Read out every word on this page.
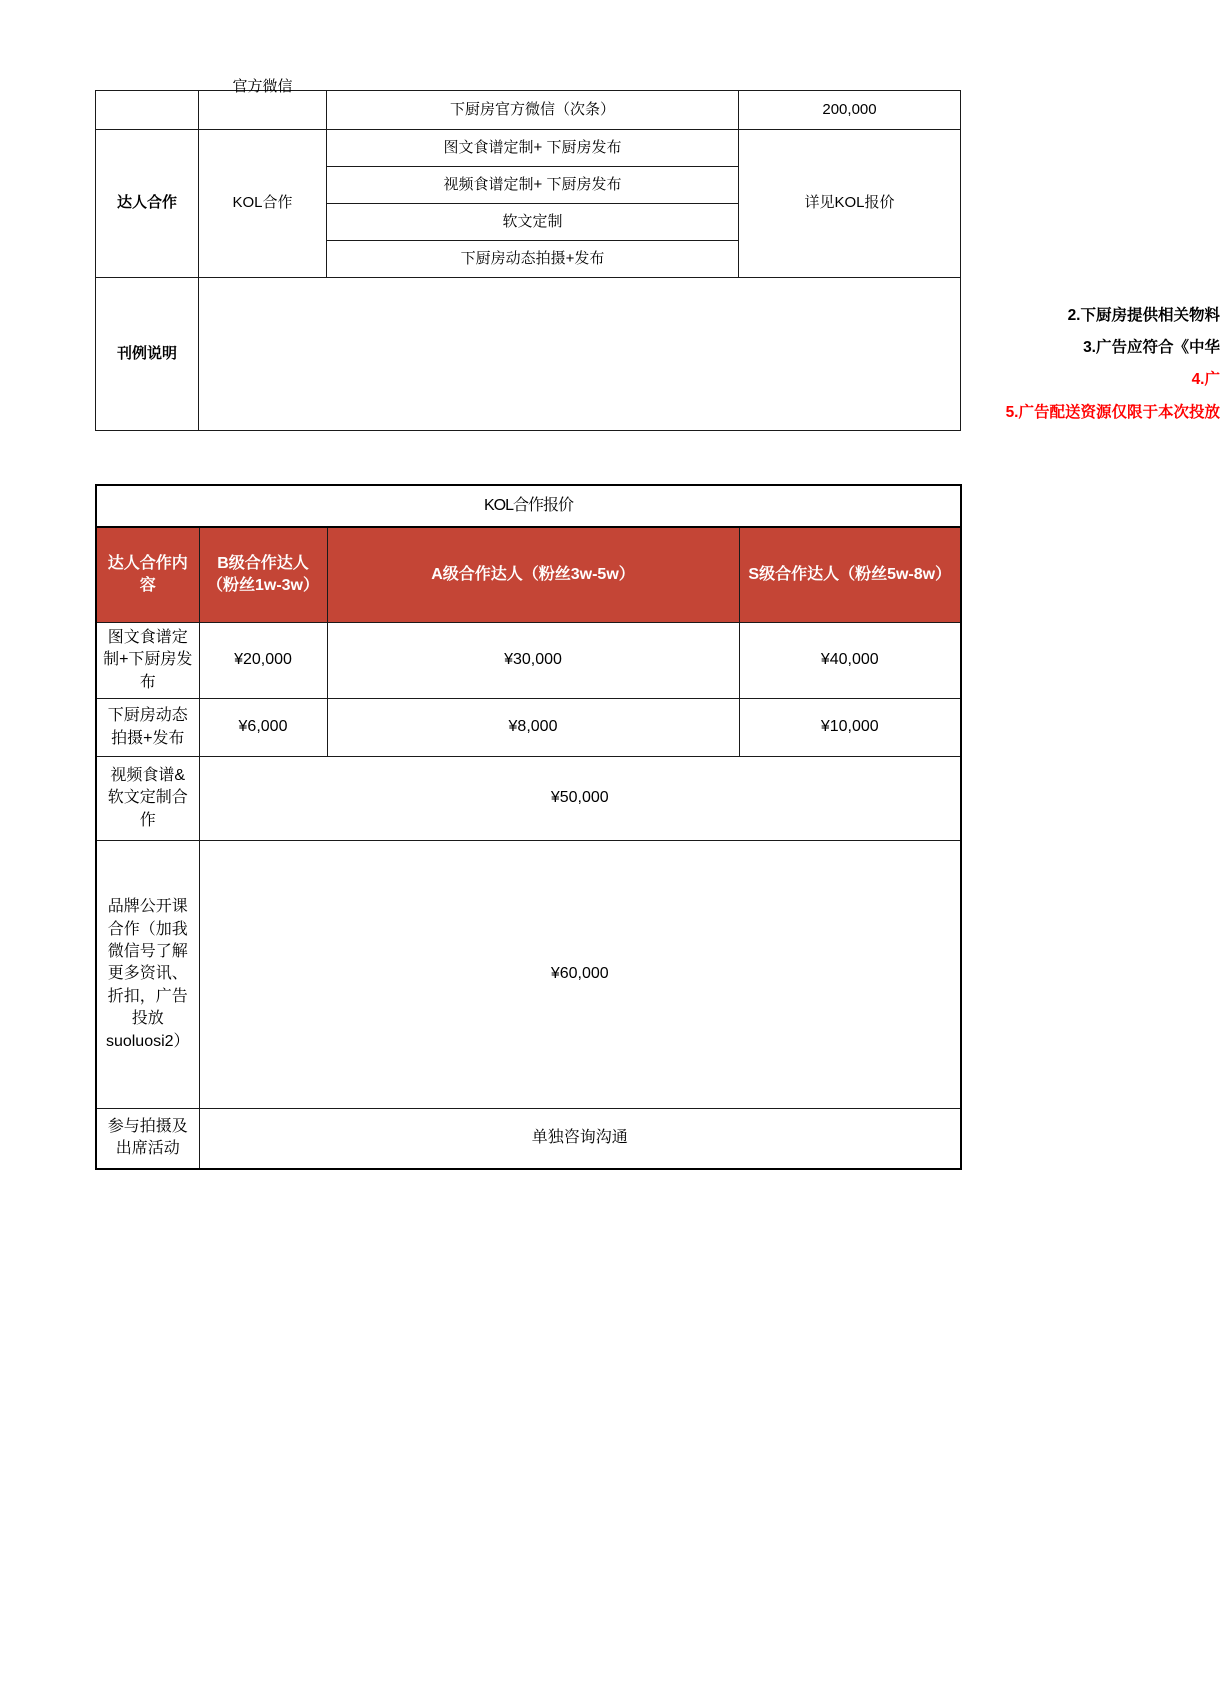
	官方微信	下厨房官方微信（次条）	200,000
达人合作	KOL合作	图文食谱定制+ 下厨房发布	详见KOL报价
		视频食谱定制+ 下厨房发布	
		软文定制	
		下厨房动态拍摄+发布	
刊例说明	2.下厨房提供相关物料
3.广告应符合《中华
4.广
5.广告配送资源仅限于本次投放		
KOL合作报价			
达人合作内容	B级合作达人（粉丝1w-3w）	A级合作达人（粉丝3w-5w）	S级合作达人（粉丝5w-8w）
图文食谱定制+下厨房发布	¥20,000	¥30,000	¥40,000
下厨房动态拍摄+发布	¥6,000	¥8,000	¥10,000
视频食谱&软文定制合作	¥50,000		
品牌公开课合作（加我微信号了解更多资讯、折扣，广告投放 suoluosi2）	¥60,000		
参与拍摄及出席活动	单独咨询沟通		
